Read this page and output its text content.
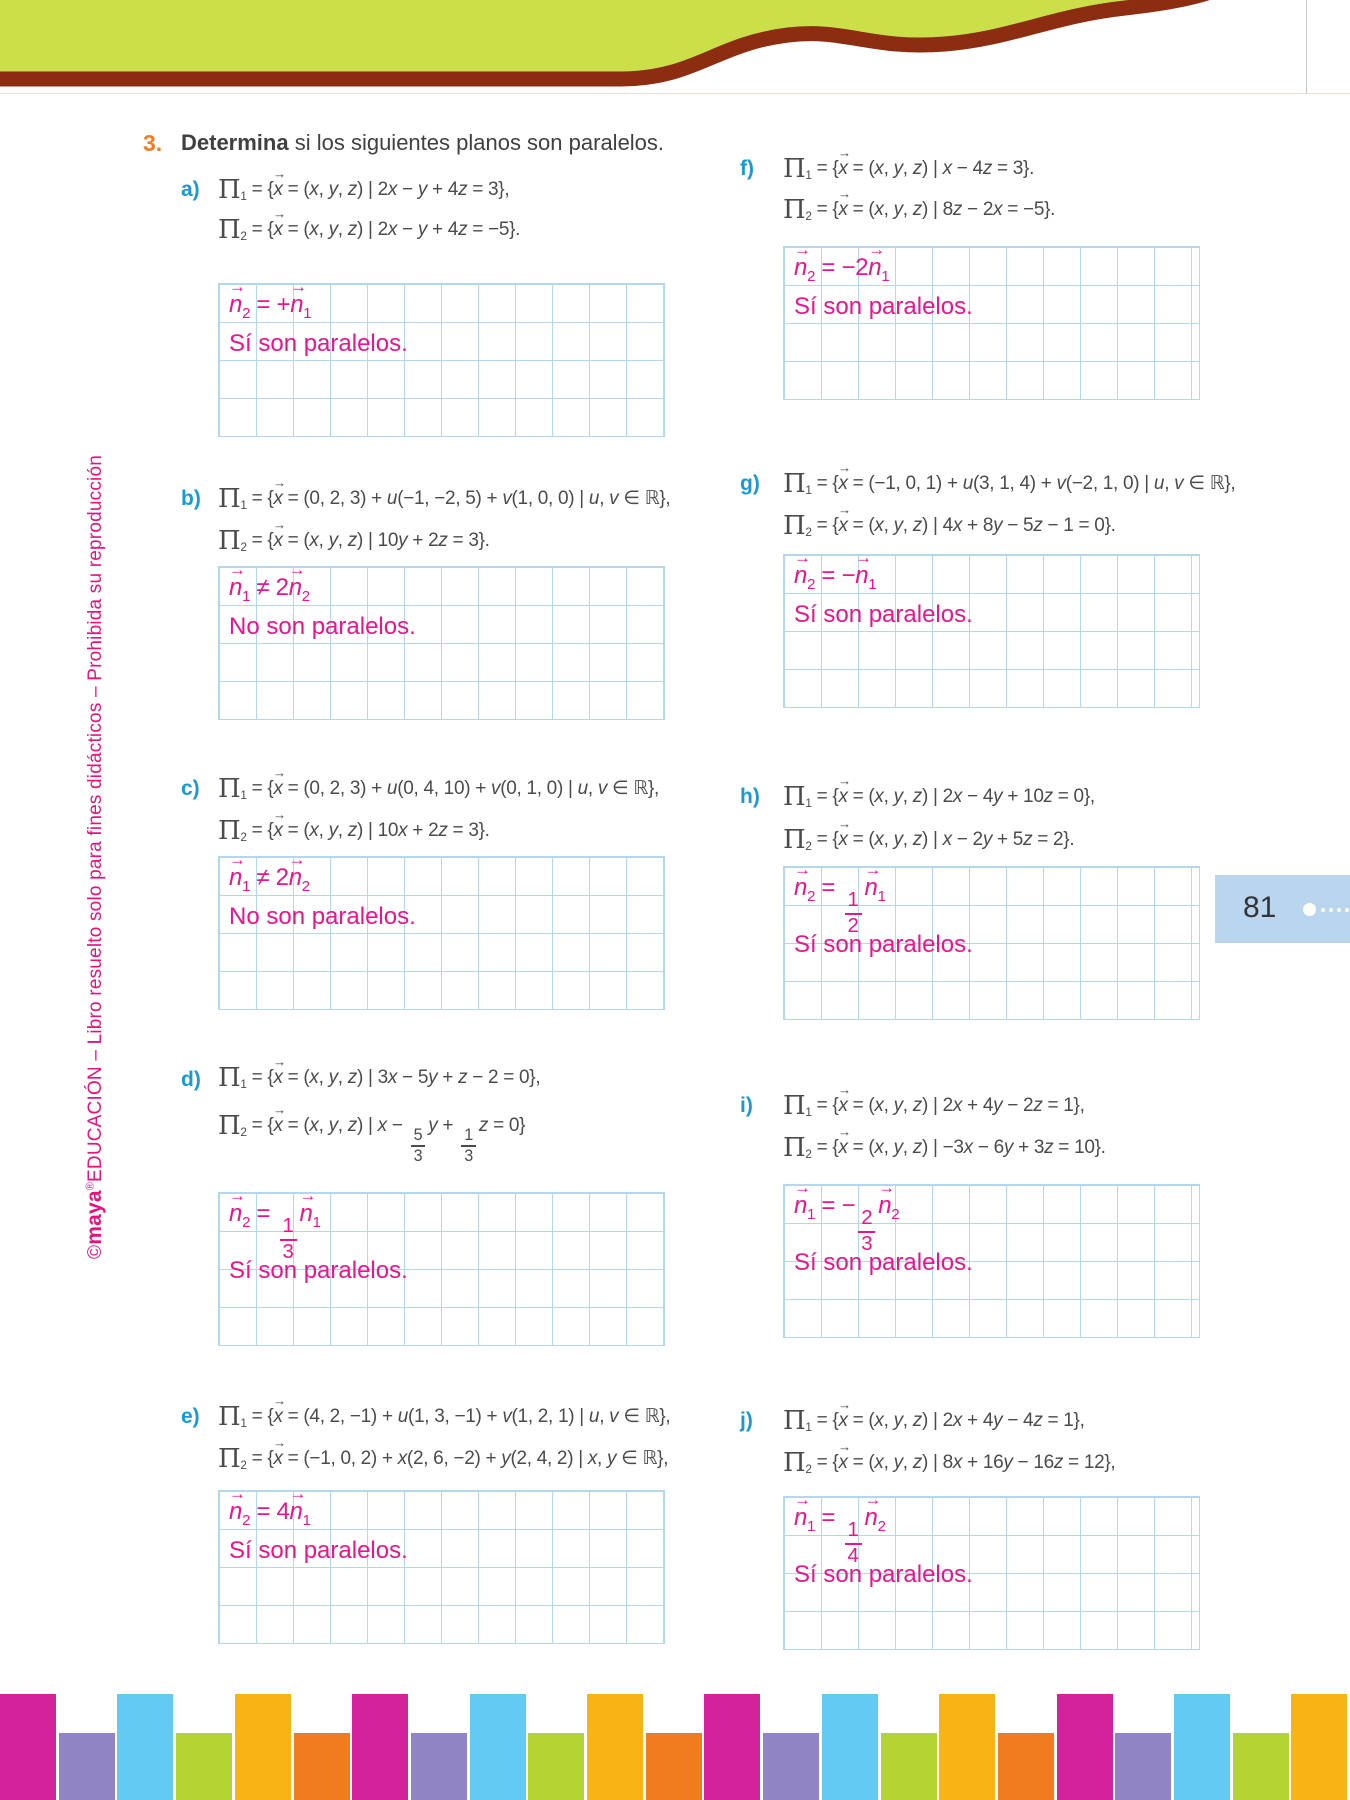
3. Determina si los siguientes planos son paralelos.
a) $\Pi_1$ = {
→
x = (x, y, z) | 2x − y + 4z = 3},
$\Pi_2$ = {
→
x = (x, y, z) | 2x − y + 4z = −5}.
→
$n_2$ = +
→
$n_1$
Sí son paralelos.
b) $\Pi_1$ = {
→
x = (0, 2, 3) + u(−1, −2, 5) + v(1, 0, 0) | u, v ∈ ℝ},
$\Pi_2$ = {
→
x = (x, y, z) | 10y + 2z = 3}.
→
$n_1 \ne 2$
→
$n_2$
No son paralelos.
c) $\Pi_1$ = {
→
x = (0, 2, 3) + u(0, 4, 10) + v(0, 1, 0) | u, v ∈ ℝ},
$\Pi_2$ = {
→
x = (x, y, z) | 10x + 2z = 3}.
→
$n_1 \ne 2$
→
$n_2$
No son paralelos.
d) $\Pi_1$ = {
→
x = (x, y, z) | 3x − 5y + z − 2 = 0},
$\Pi_2$ = {
→
x = (x, y, z) | x −
$\frac{5}{3}$
y +
$\frac{1}{3}$
z = 0}
→
$n_2$ =
$\frac{1}{3}$
→
$n_1$
Sí son paralelos.
e) $\Pi_1$ = {
→
x = (4, 2, −1) + u(1, 3, −1) + v(1, 2, 1) | u, v ∈ ℝ},
$\Pi_2$ = {
→
x = (−1, 0, 2) + x(2, 6, −2) + y(2, 4, 2) | x, y ∈ ℝ},
→
$n_2 = 4$
→
$n_1$
Sí son paralelos.
f) $\Pi_1$ = {
→
x = (x, y, z) | x − 4z = 3}.
$\Pi_2$ = {
→
x = (x, y, z) | 8z − 2x = −5}.
→
$n_2 = -2$
→
$n_1$
Sí son paralelos.
g) $\Pi_1$ = {
→
x = (−1, 0, 1) + u(3, 1, 4) + v(−2, 1, 0) | u, v ∈ ℝ},
$\Pi_2$ = {
→
x = (x, y, z) | 4x + 8y − 5z − 1 = 0}.
→
$n_2$ = −
→
$n_1$
Sí son paralelos.
h) $\Pi_1$ = {
→
x = (x, y, z) | 2x − 4y + 10z = 0},
$\Pi_2$ = {
→
x = (x, y, z) | x − 2y + 5z = 2}.
→
$n_2$ =
$\frac{1}{2}$
→
$n_1$
Sí son paralelos.
i) $\Pi_1$ = {
→
x = (x, y, z) | 2x + 4y − 2z = 1},
$\Pi_2$ = {
→
x = (x, y, z) | −3x − 6y + 3z = 10}.
→
$n_1$ = −
$\frac{2}{3}$
→
$n_2$
Sí son paralelos.
j) $\Pi_1$ = {
→
x = (x, y, z) | 2x + 4y − 4z = 1},
$\Pi_2$ = {
→
x = (x, y, z) | 8x + 16y − 16z = 12},
→
$n_1$ =
$\frac{1}{4}$
→
$n_2$
Sí son paralelos.
©maya®EDUCACIÓN – Libro resuelto solo para fines didácticos – Prohibida su reproducción	81
